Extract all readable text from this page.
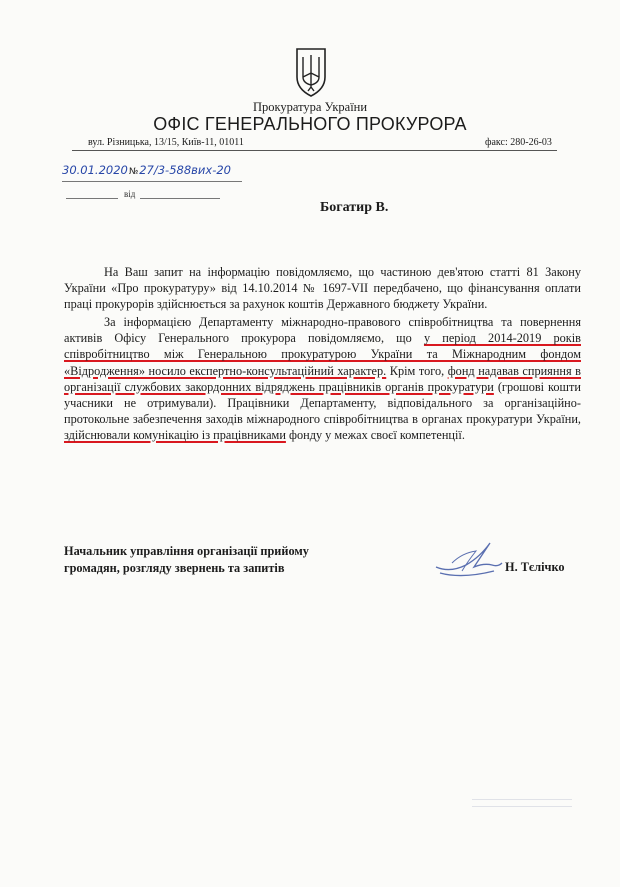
Прокуратура України
ОФІС ГЕНЕРАЛЬНОГО ПРОКУРОРА
вул. Різницька, 13/15, Київ-11, 01011	факс: 280-26-03
30.01.2020№27/3-588вих-20
від
Богатир В.

На Ваш запит на інформацію повідомляємо, що частиною дев'ятою статті 81 Закону України «Про прокуратуру» від 14.10.2014 № 1697-VII передбачено, що фінансування оплати праці прокурорів здійснюється за рахунок коштів Державного бюджету України.

За інформацією Департаменту міжнародно-правового співробітництва та повернення активів Офісу Генерального прокурора повідомляємо, що у період 2014-2019 років співробітництво між Генеральною прокуратурою України та Міжнародним фондом «Відродження» носило експертно-консультаційний характер. Крім того, фонд надавав сприяння в організації службових закордонних відряджень працівників органів прокуратури (грошові кошти учасники не отримували). Працівники Департаменту, відповідального за організаційно-протокольне забезпечення заходів міжнародного співробітництва в органах прокуратури України, здійснювали комунікацію із працівниками фонду у межах своєї компетенції.

Начальник управління організації прийому
громадян, розгляду звернень та запитів	Н. Тєлічко
